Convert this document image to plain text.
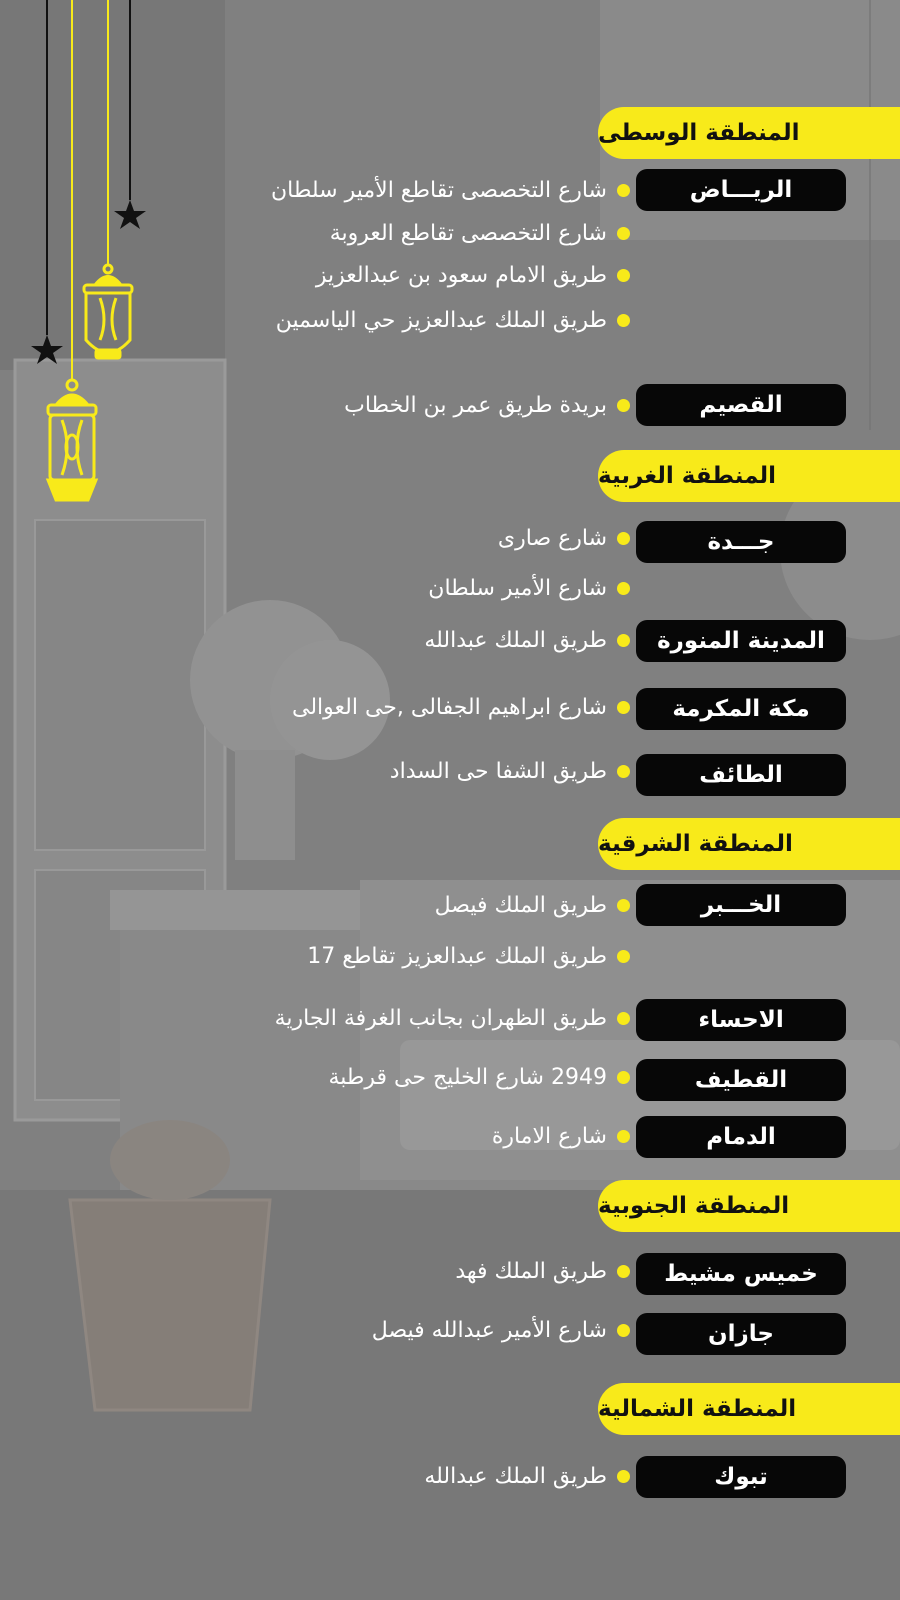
المنطقة الوسطى
الريـــاض
شارع التخصصى تقاطع الأمير سلطان
شارع التخصصى تقاطع العروبة
طريق الامام سعود بن عبدالعزيز
طريق الملك عبدالعزيز حي الياسمين
القصيم
بريدة طريق عمر بن الخطاب
المنطقة الغربية
جـــدة
شارع صارى
شارع الأمير سلطان
المدينة المنورة
طريق الملك عبدالله
مكة المكرمة
شارع ابراهيم الجفالى ,حى العوالى
الطائف
طريق الشفا حى السداد
المنطقة الشرقية
الخـــبر
طريق الملك فيصل
طريق الملك عبدالعزيز تقاطع 17
الاحساء
طريق الظهران بجانب الغرفة الجارية
القطيف
2949 شارع الخليج حى قرطبة
الدمام
شارع الامارة
المنطقة الجنوبية
خميس مشيط
طريق الملك فهد
جازان
شارع الأمير عبدالله فيصل
المنطقة الشمالية
تبوك
طريق الملك عبدالله
